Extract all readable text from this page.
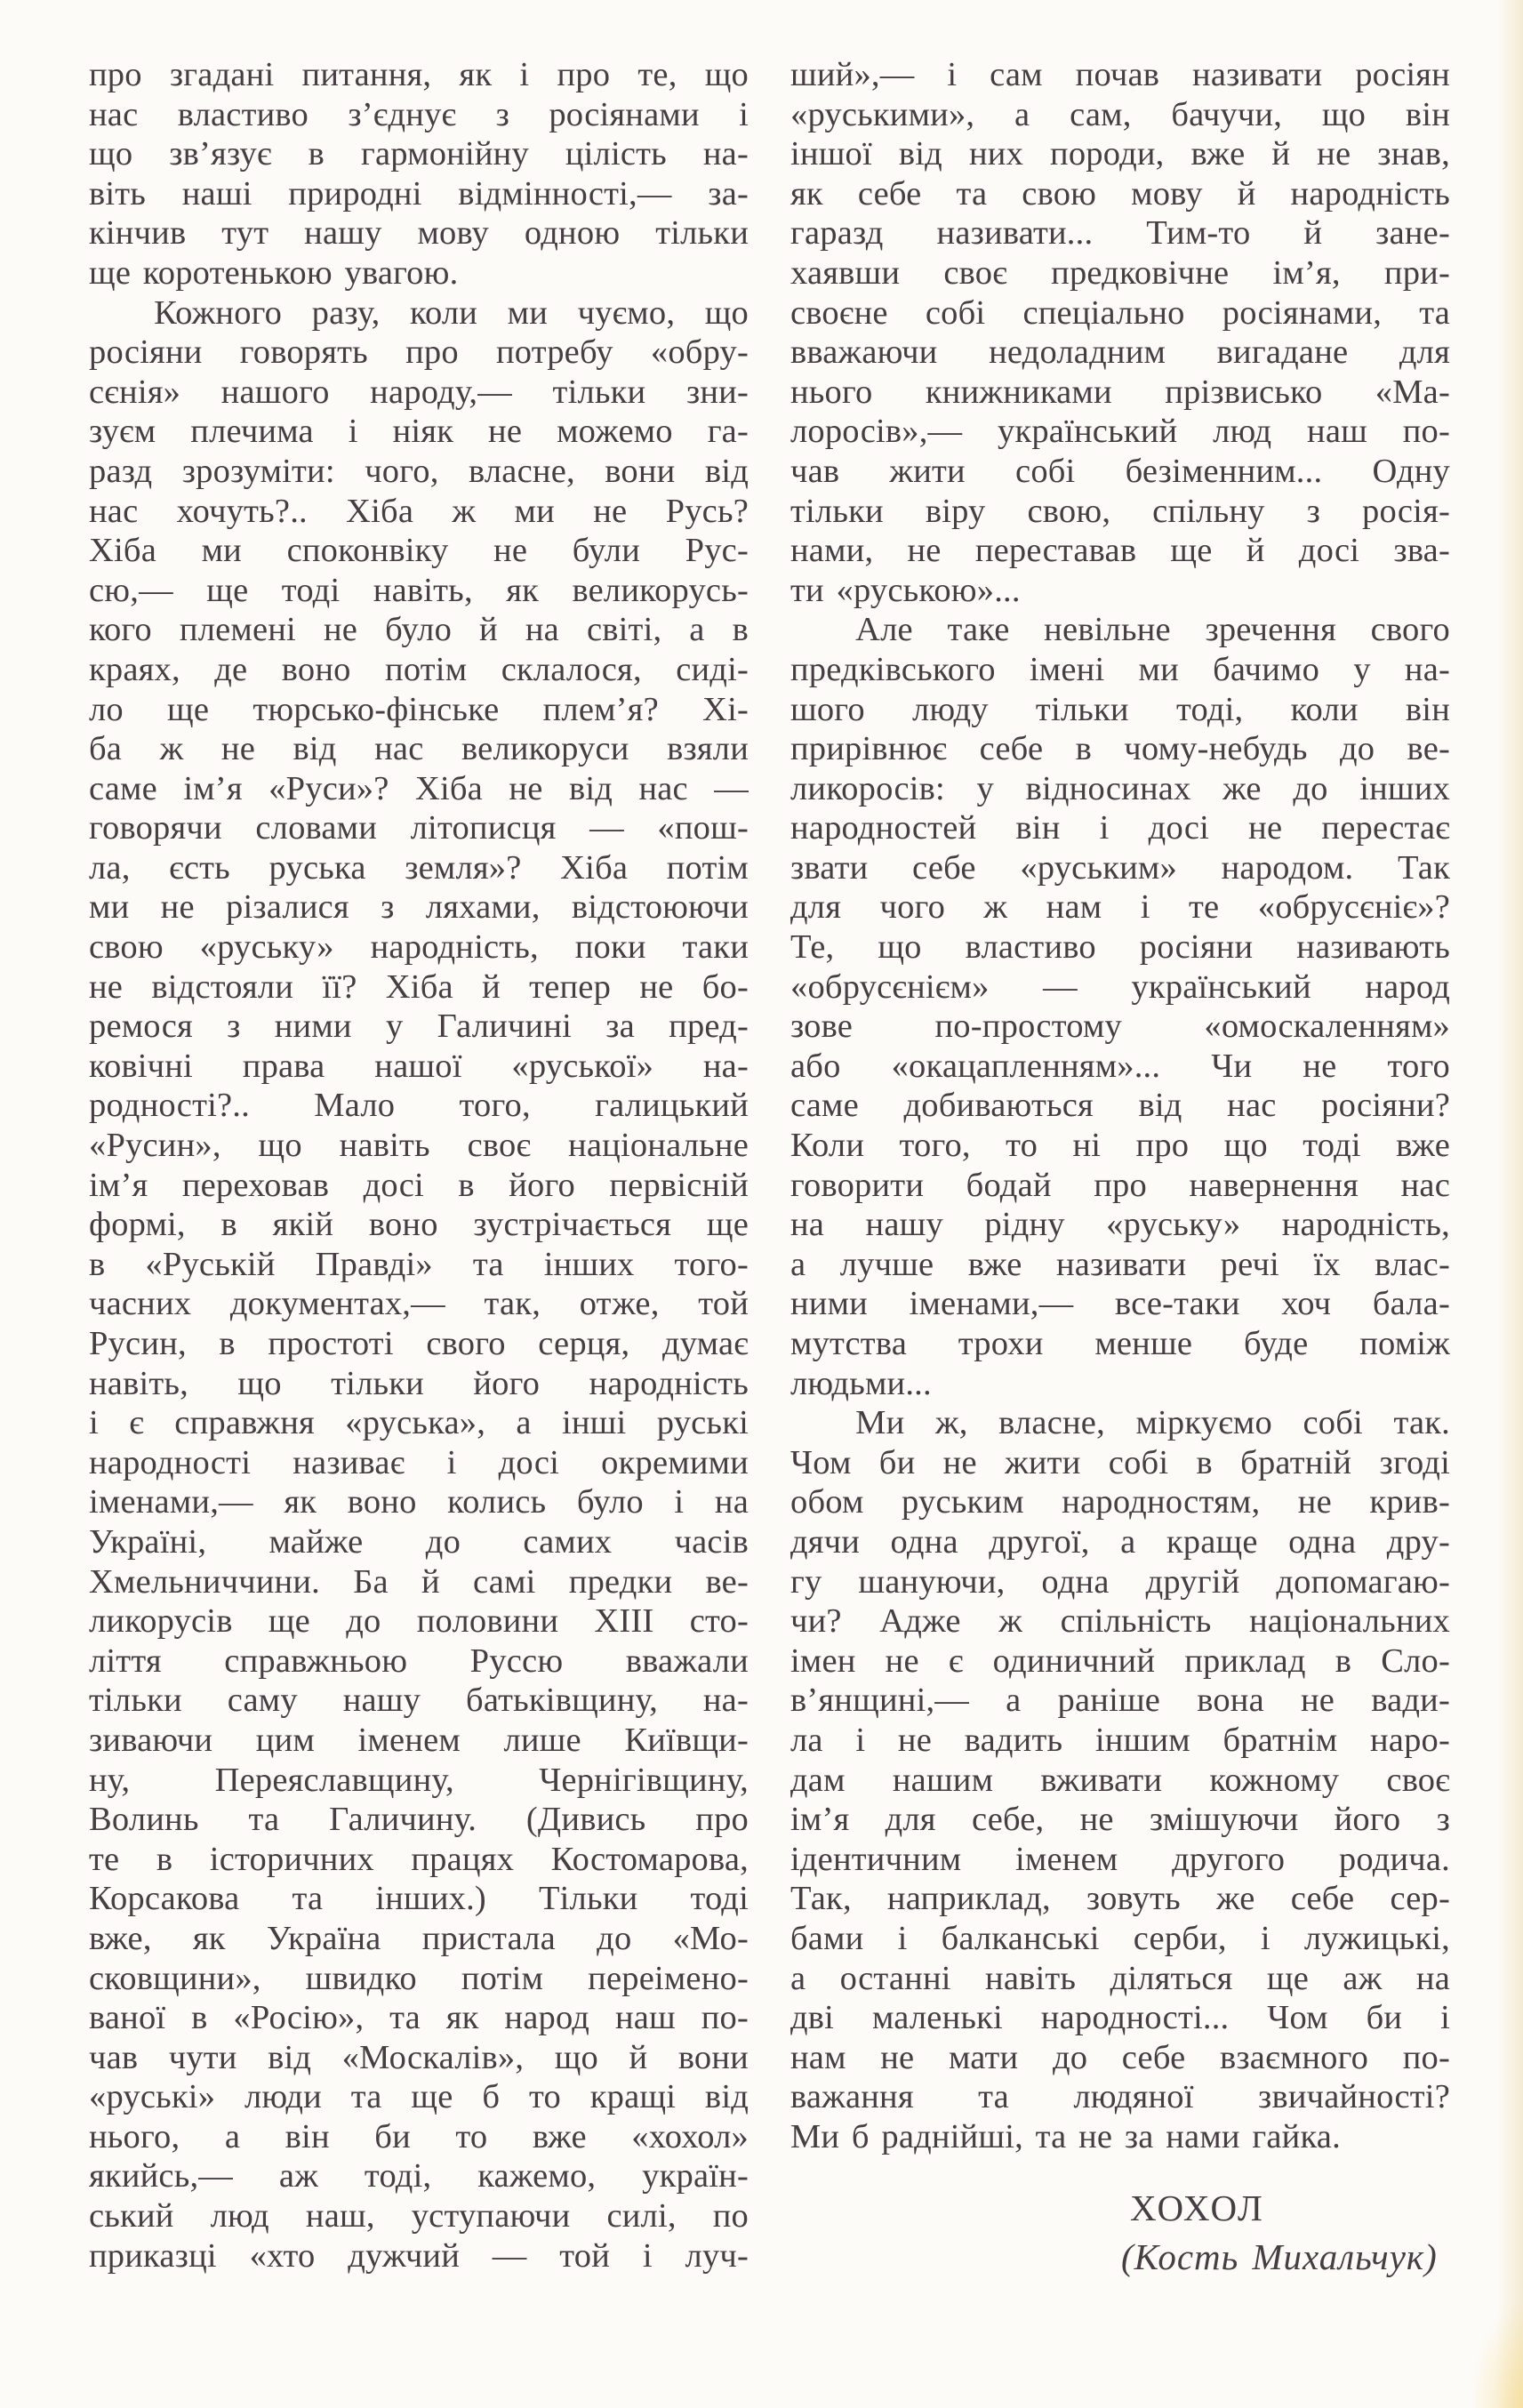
про згадані питання, як і про те, що
нас властиво з’єднує з росіянами і
що зв’язує в гармонійну цілість на-
віть наші природні відмінності,— за-
кінчив тут нашу мову одною тільки
ще коротенькою увагою.
Кожного разу, коли ми чуємо, що
росіяни говорять про потребу «обру-
сєнія» нашого народу,— тільки зни-
зуєм плечима і ніяк не можемо га-
разд зрозуміти: чого, власне, вони від
нас хочуть?.. Хіба ж ми не Русь?
Хіба ми споконвіку не були Рус-
сю,— ще тоді навіть, як великорусь-
кого племені не було й на світі, а в
краях, де воно потім склалося, сиді-
ло ще тюрсько-фінське плем’я? Хі-
ба ж не від нас великоруси взяли
саме ім’я «Руси»? Хіба не від нас —
говорячи словами літописця — «пош-
ла, єсть руська земля»? Хіба потім
ми не різалися з ляхами, відстоюючи
свою «руську» народність, поки таки
не відстояли її? Хіба й тепер не бо-
ремося з ними у Галичині за пред-
ковічні права нашої «руської» на-
родності?.. Мало того, галицький
«Русин», що навіть своє національне
ім’я переховав досі в його первісній
формі, в якій воно зустрічається ще
в «Руській Правді» та інших того-
часних документах,— так, отже, той
Русин, в простоті свого серця, думає
навіть, що тільки його народність
і є справжня «руська», а інші руські
народності називає і досі окремими
іменами,— як воно колись було і на
Україні, майже до самих часів
Хмельниччини. Ба й самі предки ве-
ликорусів ще до половини XIII сто-
ліття справжньою Руссю вважали
тільки саму нашу батьківщину, на-
зиваючи цим іменем лише Київщи-
ну, Переяславщину, Чернігівщину,
Волинь та Галичину. (Дивись про
те в історичних працях Костомарова,
Корсакова та інших.) Тільки тоді
вже, як Україна пристала до «Мо-
сковщини», швидко потім переімено-
ваної в «Росію», та як народ наш по-
чав чути від «Москалів», що й вони
«руські» люди та ще б то кращі від
нього, а він би то вже «хохол»
якийсь,— аж тоді, кажемо, україн-
ський люд наш, уступаючи силі, по
приказці «хто дужчий — той і луч-
ший»,— і сам почав називати росіян
«руськими», а сам, бачучи, що він
іншої від них породи, вже й не знав,
як себе та свою мову й народність
гаразд називати... Тим-то й зане-
хаявши своє предковічне ім’я, при-
своєне собі спеціально росіянами, та
вважаючи недоладним вигадане для
нього книжниками прізвисько «Ма-
лоросів»,— український люд наш по-
чав жити собі безіменним... Одну
тільки віру свою, спільну з росія-
нами, не переставав ще й досі зва-
ти «руською»...
Але таке невільне зречення свого
предківського імені ми бачимо у на-
шого люду тільки тоді, коли він
прирівнює себе в чому-небудь до ве-
ликоросів: у відносинах же до інших
народностей він і досі не перестає
звати себе «руським» народом. Так
для чого ж нам і те «обрусєніє»?
Те, що властиво росіяни називають
«обрусєнієм» — український народ
зове по-простому «омоскаленням»
або «окацапленням»... Чи не того
саме добиваються від нас росіяни?
Коли того, то ні про що тоді вже
говорити бодай про навернення нас
на нашу рідну «руську» народність,
а лучше вже називати речі їх влас-
ними іменами,— все-таки хоч бала-
мутства трохи менше буде поміж
людьми...
Ми ж, власне, міркуємо собі так.
Чом би не жити собі в братній згоді
обом руським народностям, не крив-
дячи одна другої, а краще одна дру-
гу шануючи, одна другій допомагаю-
чи? Адже ж спільність національних
імен не є одиничний приклад в Сло-
в’янщині,— а раніше вона не вади-
ла і не вадить іншим братнім наро-
дам нашим вживати кожному своє
ім’я для себе, не змішуючи його з
ідентичним іменем другого родича.
Так, наприклад, зовуть же себе сер-
бами і балканські серби, і лужицькі,
а останні навіть діляться ще аж на
дві маленькі народності... Чом би і
нам не мати до себе взаємного по-
важання та людяної звичайності?
Ми б раднійші, та не за нами гайка.
ХОХОЛ
(Кость Михальчук)
